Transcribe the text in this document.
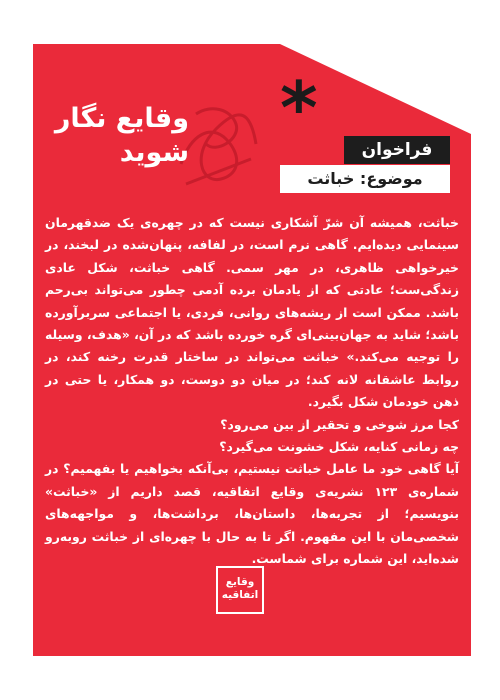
*
وقایع نگار
شوید	فراخوان
موضوع: خباثت

خباثت، همیشه آن شرّ آشکاری نیست که در چهره‌ی یک ضدقهرمان سینمایی دیده‌ایم. گاهی نرم است، در لفافه، پنهان‌شده در لبخند، در خیرخواهی ظاهری، در مهر سمی. گاهی خباثت، شکل عادی زندگی‌ست؛ عادتی که از یادمان برده آدمی چطور می‌تواند بی‌رحم باشد. ممکن است از ریشه‌های روانی، فردی، یا اجتماعی سربرآورده باشد؛ شاید به جهان‌بینی‌ای گره خورده باشد که در آن، «هدف، وسیله را توجیه می‌کند.» خباثت می‌تواند در ساختار قدرت رخنه کند، در روابط عاشقانه لانه کند؛ در میان دو دوست، دو همکار، یا حتی در ذهن خودمان شکل بگیرد.

کجا مرز شوخی و تحقیر از بین می‌رود؟

چه زمانی کنایه، شکل خشونت می‌گیرد؟

آیا گاهی خود ما عامل خباثت نیستیم، بی‌آنکه بخواهیم یا بفهمیم؟ در شماره‌ی ۱۲۳ نشریه‌ی وقایع اتفاقیه، قصد داریم از «خباثت» بنویسیم؛ از تجربه‌ها، داستان‌ها، برداشت‌ها، و مواجهه‌های شخصی‌مان با این مفهوم. اگر تا به حال با چهره‌ای از خباثت روبه‌رو شده‌اید، این شماره برای شماست.

وقایع
اتفاقیه
